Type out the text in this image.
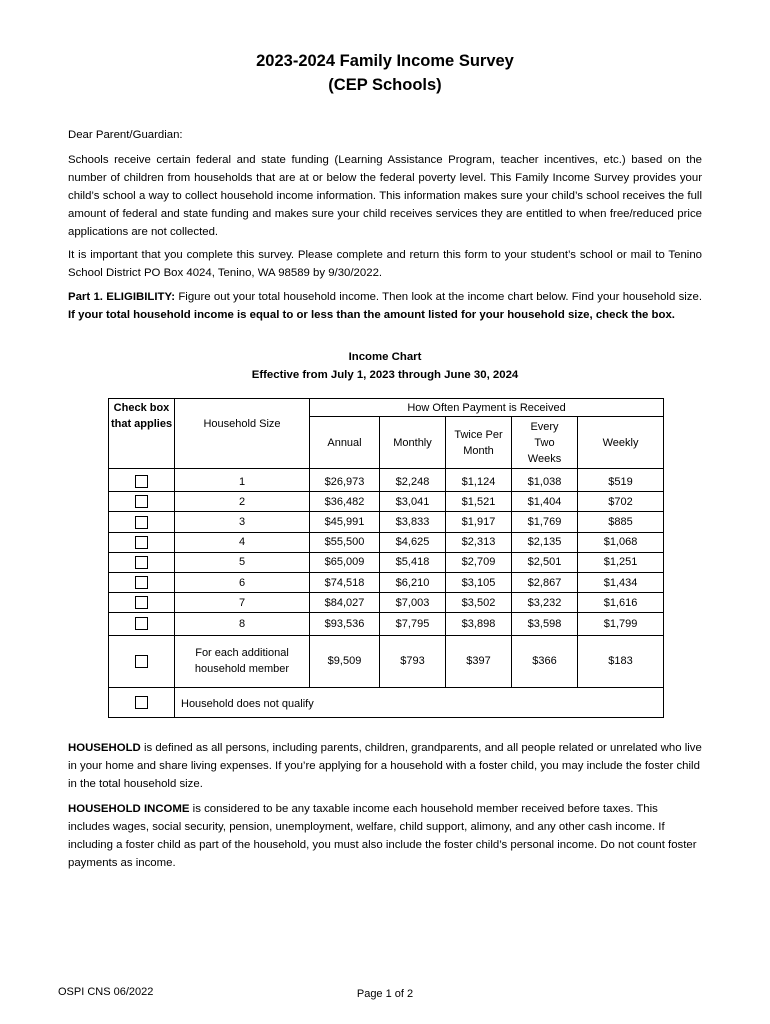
2023-2024 Family Income Survey
(CEP Schools)

Dear Parent/Guardian:

Schools receive certain federal and state funding (Learning Assistance Program, teacher incentives, etc.) based on the number of children from households that are at or below the federal poverty level. This Family Income Survey provides your child’s school a way to collect household income information. This information makes sure your child’s school receives the full amount of federal and state funding and makes sure your child receives services they are entitled to when free/reduced price applications are not collected.

It is important that you complete this survey. Please complete and return this form to your student’s school or mail to Tenino School District PO Box 4024, Tenino, WA 98589 by 9/30/2022.

Part 1. ELIGIBILITY: Figure out your total household income. Then look at the income chart below. Find your household size. If your total household income is equal to or less than the amount listed for your household size, check the box.

Income Chart
Effective from July 1, 2023 through June 30, 2024
Check box that applies	Household Size	How Often Payment is Received				
		Annual	Monthly	Twice Per Month	Every Two Weeks	Weekly
	1	$26,973	$2,248	$1,124	$1,038	$519
	2	$36,482	$3,041	$1,521	$1,404	$702
	3	$45,991	$3,833	$1,917	$1,769	$885
	4	$55,500	$4,625	$2,313	$2,135	$1,068
	5	$65,009	$5,418	$2,709	$2,501	$1,251
	6	$74,518	$6,210	$3,105	$2,867	$1,434
	7	$84,027	$7,003	$3,502	$3,232	$1,616
	8	$93,536	$7,795	$3,898	$3,598	$1,799
	For each additional household member	$9,509	$793	$397	$366	$183
	Household does not qualify					

HOUSEHOLD is defined as all persons, including parents, children, grandparents, and all people related or unrelated who live in your home and share living expenses. If you’re applying for a household with a foster child, you may include the foster child in the total household size.

HOUSEHOLD INCOME is considered to be any taxable income each household member received before taxes. This includes wages, social security, pension, unemployment, welfare, child support, alimony, and any other cash income. If including a foster child as part of the household, you must also include the foster child’s personal income. Do not count foster payments as income.

OSPI CNS 06/2022	Page 1 of 2
